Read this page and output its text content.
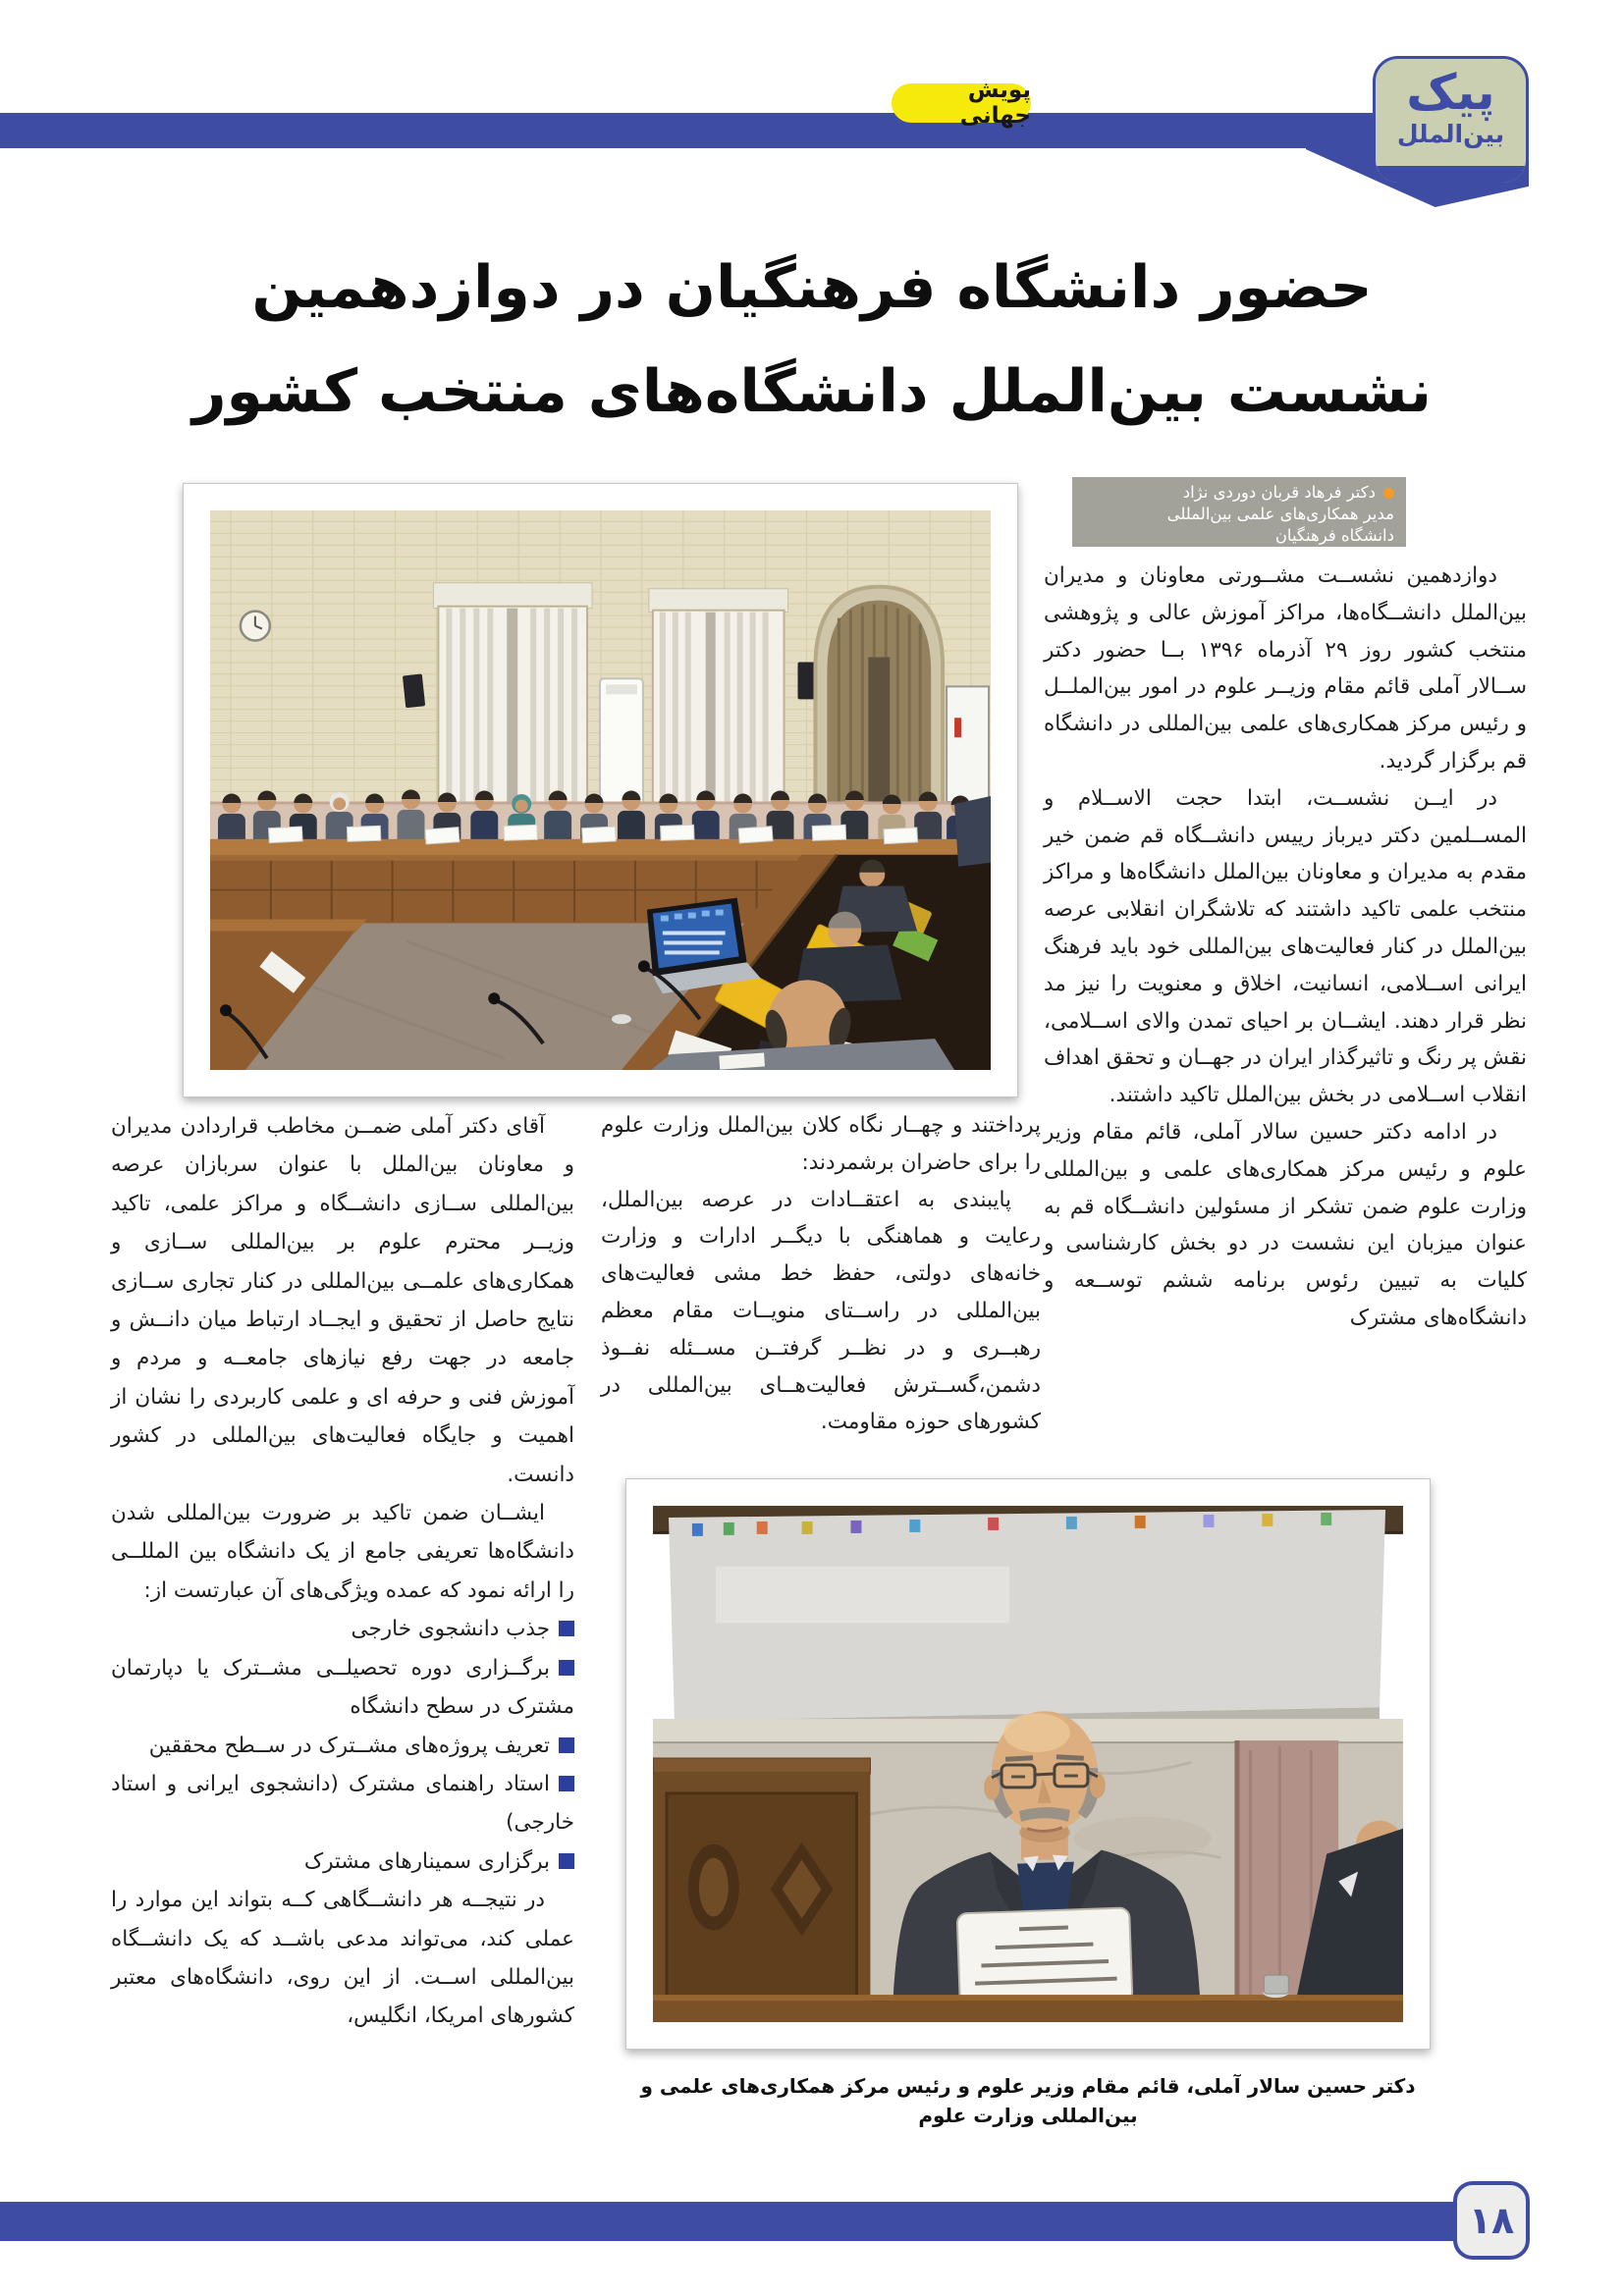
پویش جهانی	پیک
بین‌الملل
حضور دانشگاه فرهنگیان در دوازدهمین
نشست بین‌الملل دانشگاه‌های منتخب کشور
دکتر فرهاد قربان دوردی نژاد
مدیر همکاری‌های علمی بین‌المللی
دانشگاه فرهنگیان

دوازدهمین نشســت مشــورتی معاونان و مدیران بین‌الملل دانشــگاه‌ها، مراکز آموزش عالی و پژوهشی منتخب کشور روز ۲۹ آذرماه ۱۳۹۶ بــا حضور دکتر ســالار آملی قائم مقام وزیــر علوم در امور بین‌الملــل و رئیس مرکز همکاری‌های علمی بین‌المللی در دانشگاه قم برگزار گردید.

در ایــن نشســت، ابتدا حجت الاســلام و المســلمین دکتر دیرباز رییس دانشــگاه قم ضمن خیر مقدم به مدیران و معاونان بین‌الملل دانشگاه‌ها و مراکز منتخب علمی تاکید داشتند که تلاشگران انقلابی عرصه بین‌الملل در کنار فعالیت‌های بین‌المللی خود باید فرهنگ ایرانی اســلامی، انسانیت، اخلاق و معنویت را نیز مد نظر قرار دهند. ایشــان بر احیای تمدن والای اســلامی، نقش پر رنگ و تاثیرگذار ایران در جهــان و تحقق اهداف انقلاب اســلامی در بخش بین‌الملل تاکید داشتند.

در ادامه دکتر حسین سالار آملی، قائم مقام وزیر علوم و رئیس مرکز همکاری‌های علمی و بین‌المللی وزارت علوم ضمن تشکر از مسئولین دانشــگاه قم به عنوان میزبان این نشست در دو بخش کارشناسی و کلیات به تبیین رئوس برنامه ششم توســعه و دانشگاه‌های مشترک

پرداختند و چهــار نگاه کلان بین‌الملل وزارت علوم را برای حاضران برشمردند:

پایبندی به اعتقــادات در عرصه بین‌الملل، رعایت و هماهنگی با دیگــر ادارات و وزارت خانه‌های دولتی، حفظ خط مشی فعالیت‌های بین‌المللی در راســتای منویــات مقام معظم رهبــری و در نظــر گرفتــن مســئله نفــوذ دشمن،گســترش فعالیت‌هــای بین‌المللی در کشورهای حوزه مقاومت.

آقای دکتر آملی ضمــن مخاطب قراردادن مدیران و معاونان بین‌الملل با عنوان سربازان عرصه بین‌المللی ســازی دانشــگاه و مراکز علمی، تاکید وزیــر محترم علوم بر بین‌المللی ســازی و همکاری‌های علمــی بین‌المللی در کنار تجاری ســازی نتایج حاصل از تحقیق و ایجــاد ارتباط میان دانــش و جامعه در جهت رفع نیازهای جامعــه و مردم و آموزش فنی و حرفه ای و علمی کاربردی را نشان از اهمیت و جایگاه فعالیت‌های بین‌المللی در کشور دانست.

ایشــان ضمن تاکید بر ضرورت بین‌المللی شدن دانشگاه‌ها تعریفی جامع از یک دانشگاه بین المللــی را ارائه نمود که عمده ویژگی‌های آن عبارتست از:

جذب دانشجوی خارجی

برگــزاری دوره تحصیلــی مشــترک یا دپارتمان مشترک در سطح دانشگاه

تعریف پروژه‌های مشــترک در ســطح محققین

استاد راهنمای مشترک (دانشجوی ایرانی و استاد خارجی)

برگزاری سمینارهای مشترک

در نتیجــه هر دانشــگاهی کــه بتواند این موارد را عملی کند، می‌تواند مدعی باشــد که یک دانشــگاه بین‌المللی اســت. از این روی، دانشگاه‌های معتبر کشورهای امریکا، انگلیس،

دکتر حسین سالار آملی، قائم مقام وزیر علوم و رئیس مرکز همکاری‌های علمی و بین‌المللی وزارت علوم
۱۸
